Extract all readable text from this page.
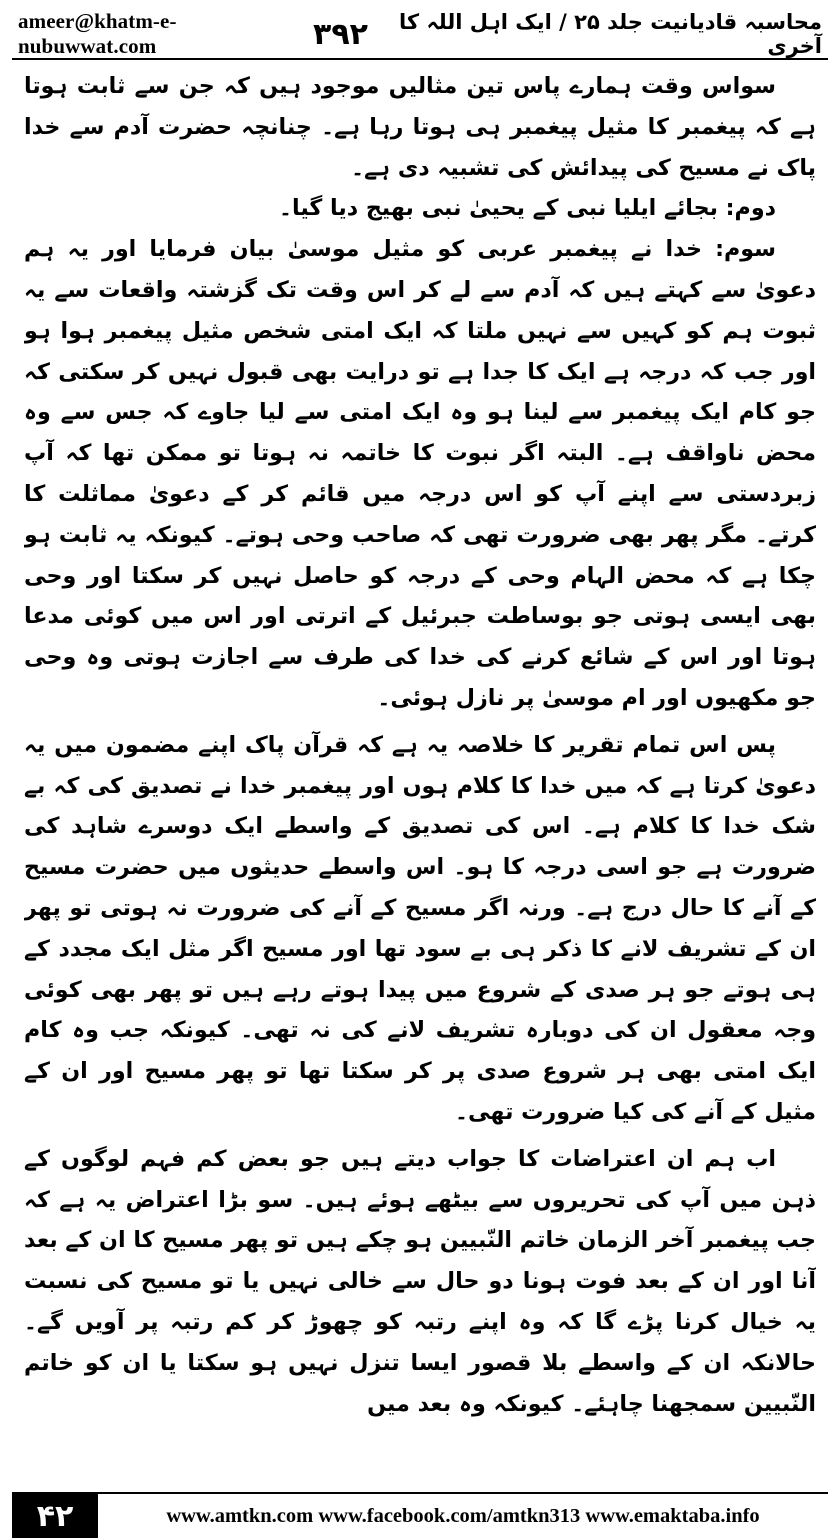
ameer@khatm-e-nubuwwat.com	۳۹۲	محاسبہ قادیانیت جلد ۲۵ / ایک اہل اللہ کا آخری

سواس وقت ہمارے پاس تین مثالیں موجود ہیں کہ جن سے ثابت ہوتا ہے کہ پیغمبر کا مثیل پیغمبر ہی ہوتا رہا ہے۔ چنانچہ حضرت آدم سے خدا پاک نے مسیح کی پیدائش کی تشبیہ دی ہے۔

دوم: بجائے ایلیا نبی کے یحییٰ نبی بھیج دیا گیا۔

سوم: خدا نے پیغمبر عربی کو مثیل موسیٰ بیان فرمایا اور یہ ہم دعویٰ سے کہتے ہیں کہ آدم سے لے کر اس وقت تک گزشتہ واقعات سے یہ ثبوت ہم کو کہیں سے نہیں ملتا کہ ایک امتی شخص مثیل پیغمبر ہوا ہو اور جب کہ درجہ ہے ایک کا جدا ہے تو درایت بھی قبول نہیں کر سکتی کہ جو کام ایک پیغمبر سے لینا ہو وہ ایک امتی سے لیا جاوے کہ جس سے وہ محض ناواقف ہے۔ البتہ اگر نبوت کا خاتمہ نہ ہوتا تو ممکن تھا کہ آپ زبردستی سے اپنے آپ کو اس درجہ میں قائم کر کے دعویٰ مماثلت کا کرتے۔ مگر پھر بھی ضرورت تھی کہ صاحب وحی ہوتے۔ کیونکہ یہ ثابت ہو چکا ہے کہ محض الہام وحی کے درجہ کو حاصل نہیں کر سکتا اور وحی بھی ایسی ہوتی جو بوساطت جبرئیل کے اترتی اور اس میں کوئی مدعا ہوتا اور اس کے شائع کرنے کی خدا کی طرف سے اجازت ہوتی وہ وحی جو مکھیوں اور ام موسیٰ پر نازل ہوئی۔

پس اس تمام تقریر کا خلاصہ یہ ہے کہ قرآن پاک اپنے مضمون میں یہ دعویٰ کرتا ہے کہ میں خدا کا کلام ہوں اور پیغمبر خدا نے تصدیق کی کہ بے شک خدا کا کلام ہے۔ اس کی تصدیق کے واسطے ایک دوسرے شاہد کی ضرورت ہے جو اسی درجہ کا ہو۔ اس واسطے حدیثوں میں حضرت مسیح کے آنے کا حال درج ہے۔ ورنہ اگر مسیح کے آنے کی ضرورت نہ ہوتی تو پھر ان کے تشریف لانے کا ذکر ہی بے سود تھا اور مسیح اگر مثل ایک مجدد کے ہی ہوتے جو ہر صدی کے شروع میں پیدا ہوتے رہے ہیں تو پھر بھی کوئی وجہ معقول ان کی دوبارہ تشریف لانے کی نہ تھی۔ کیونکہ جب وہ کام ایک امتی بھی ہر شروع صدی پر کر سکتا تھا تو پھر مسیح اور ان کے مثیل کے آنے کی کیا ضرورت تھی۔

اب ہم ان اعتراضات کا جواب دیتے ہیں جو بعض کم فہم لوگوں کے ذہن میں آپ کی تحریروں سے بیٹھے ہوئے ہیں۔ سو بڑا اعتراض یہ ہے کہ جب پیغمبر آخر الزمان خاتم النّبیین ہو چکے ہیں تو پھر مسیح کا ان کے بعد آنا اور ان کے بعد فوت ہونا دو حال سے خالی نہیں یا تو مسیح کی نسبت یہ خیال کرنا پڑے گا کہ وہ اپنے رتبہ کو چھوڑ کر کم رتبہ پر آویں گے۔ حالانکہ ان کے واسطے بلا قصور ایسا تنزل نہیں ہو سکتا یا ان کو خاتم النّبیین سمجھنا چاہئے۔ کیونکہ وہ بعد میں

۴۲	www.amtkn.com www.facebook.com/amtkn313 www.emaktaba.info
